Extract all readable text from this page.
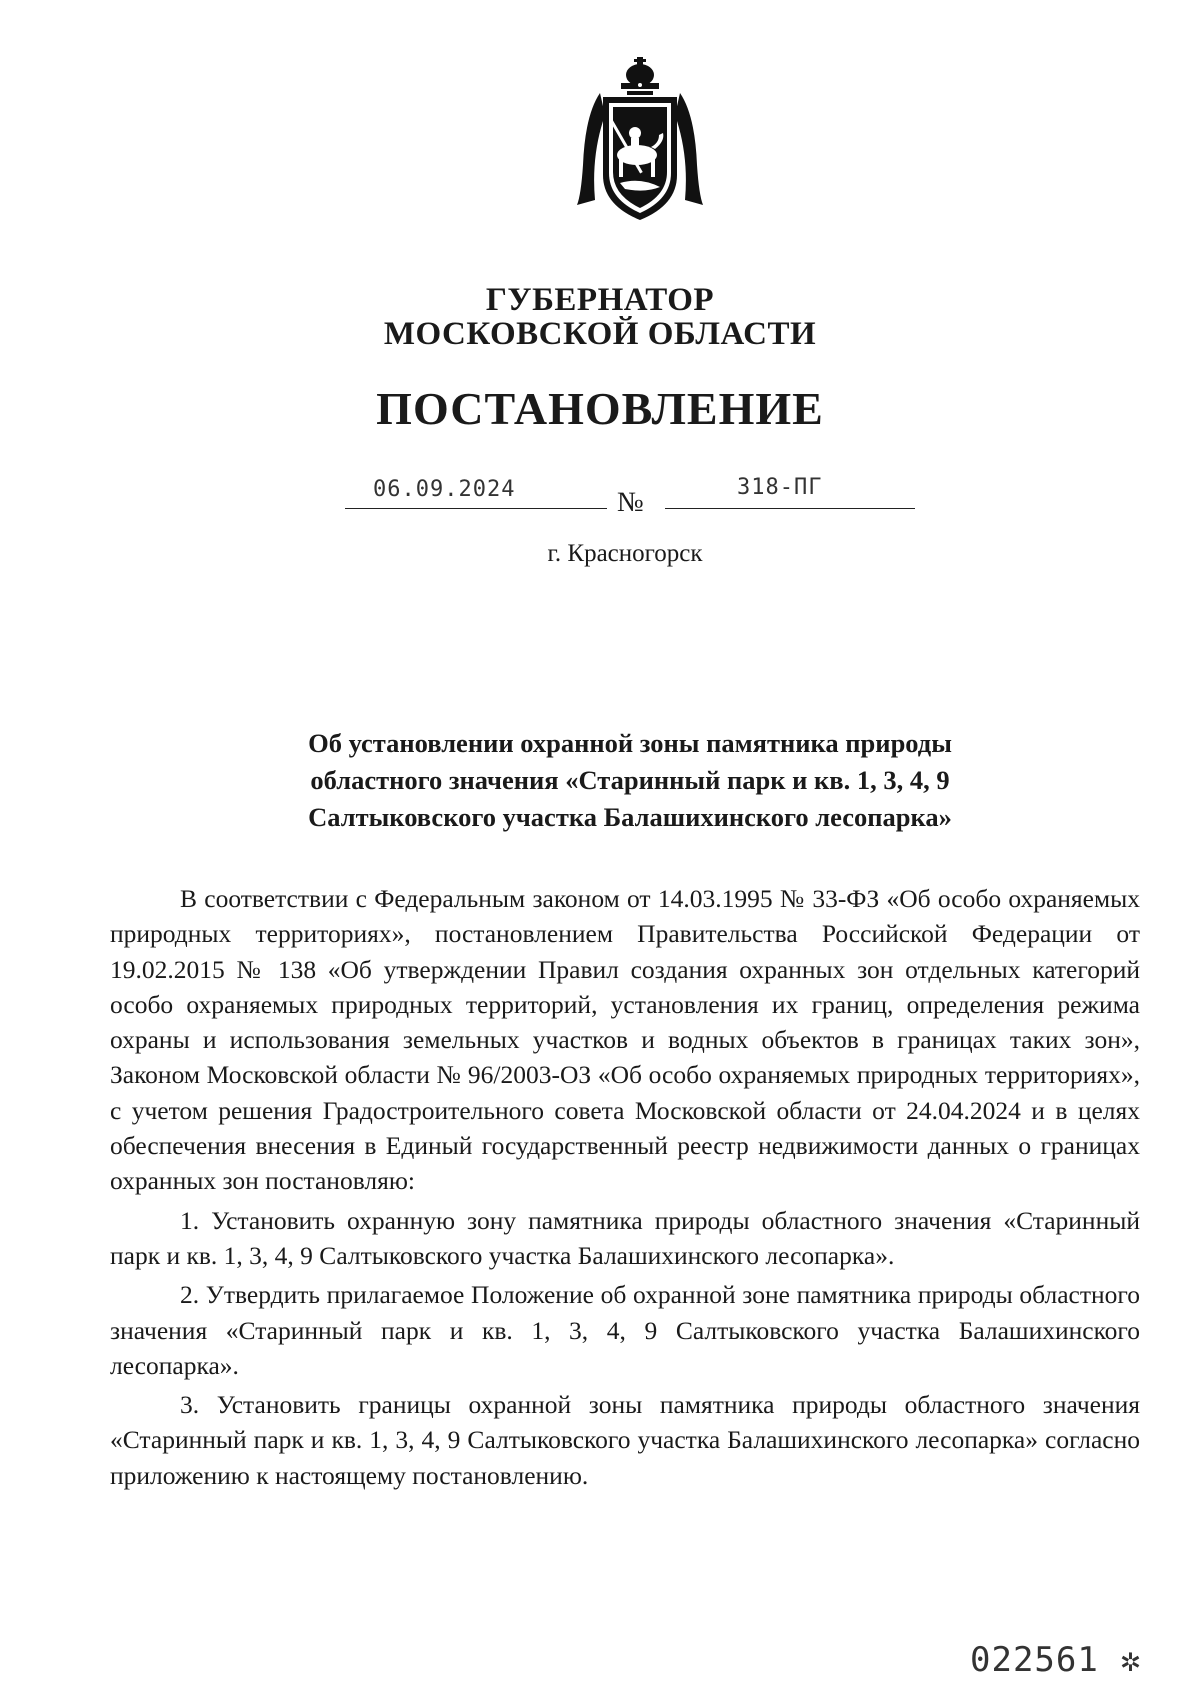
ГУБЕРНАТОР
МОСКОВСКОЙ ОБЛАСТИ
ПОСТАНОВЛЕНИЕ
06.09.2024	№	318-ПГ
г. Красногорск
Об установлении охранной зоны памятника природы
областного значения «Старинный парк и кв. 1, 3, 4, 9
Салтыковского участка Балашихинского лесопарка»

В соответствии с Федеральным законом от 14.03.1995 № 33-ФЗ «Об особо охраняемых природных территориях», постановлением Правительства Российской Федерации от 19.02.2015 № 138 «Об утверждении Правил создания охранных зон отдельных категорий особо охраняемых природных территорий, установления их границ, определения режима охраны и использования земельных участков и водных объектов в границах таких зон», Законом Московской области № 96/2003-ОЗ «Об особо охраняемых природных территориях», с учетом решения Градостроительного совета Московской области от 24.04.2024 и в целях обеспечения внесения в Единый государственный реестр недвижимости данных о границах охранных зон постановляю:

1. Установить охранную зону памятника природы областного значения «Старинный парк и кв. 1, 3, 4, 9 Салтыковского участка Балашихинского лесопарка».

2. Утвердить прилагаемое Положение об охранной зоне памятника природы областного значения «Старинный парк и кв. 1, 3, 4, 9 Салтыковского участка Балашихинского лесопарка».

3. Установить границы охранной зоны памятника природы областного значения «Старинный парк и кв. 1, 3, 4, 9 Салтыковского участка Балашихинского лесопарка» согласно приложению к настоящему постановлению.

022561 ✲
